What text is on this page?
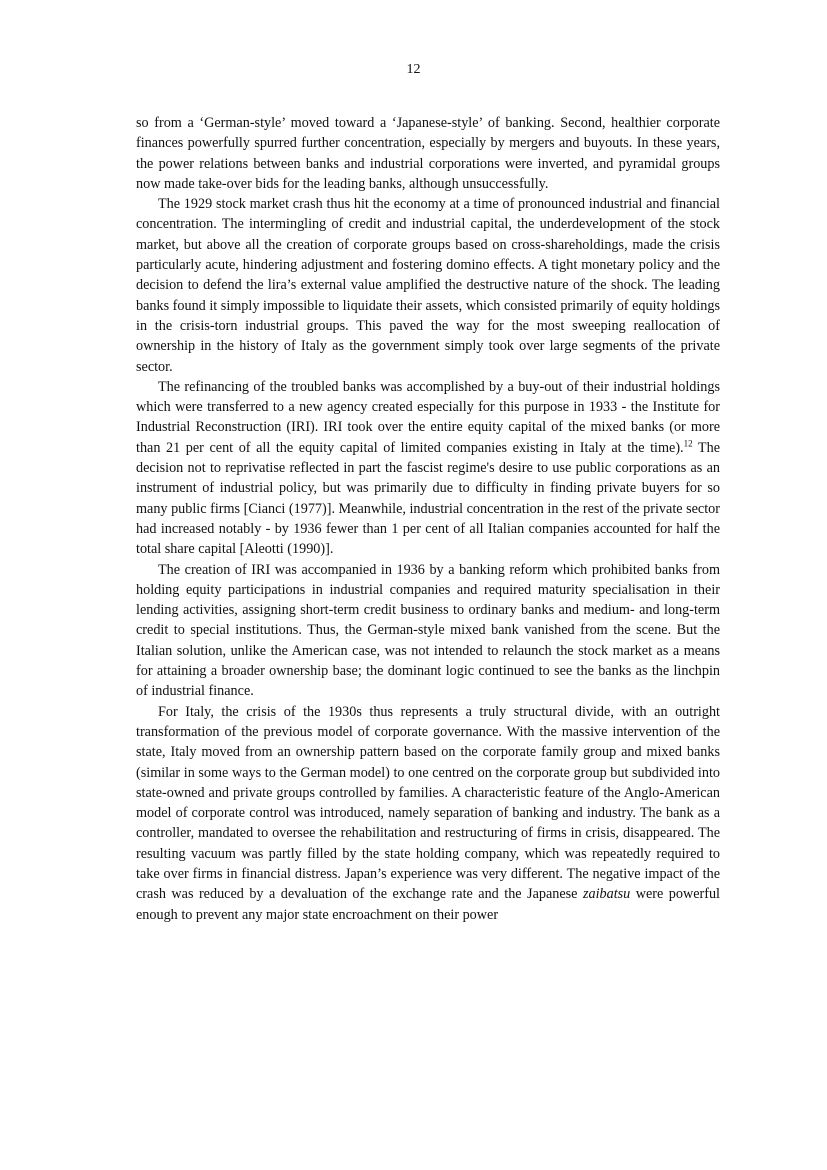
12

so from a ‘German-style’ moved toward a ‘Japanese-style’ of banking. Second, healthier corporate finances powerfully spurred further concentration, especially by mergers and buyouts. In these years, the power relations between banks and industrial corporations were inverted, and pyramidal groups now made take-over bids for the leading banks, although unsuccessfully.

The 1929 stock market crash thus hit the economy at a time of pronounced industrial and financial concentration. The intermingling of credit and industrial capital, the underdevelopment of the stock market, but above all the creation of corporate groups based on cross-shareholdings, made the crisis particularly acute, hindering adjustment and fostering domino effects. A tight monetary policy and the decision to defend the lira’s external value amplified the destructive nature of the shock. The leading banks found it simply impossible to liquidate their assets, which consisted primarily of equity holdings in the crisis-torn industrial groups. This paved the way for the most sweeping reallocation of ownership in the history of Italy as the government simply took over large segments of the private sector.

The refinancing of the troubled banks was accomplished by a buy-out of their industrial holdings which were transferred to a new agency created especially for this purpose in 1933 - the Institute for Industrial Reconstruction (IRI). IRI took over the entire equity capital of the mixed banks (or more than 21 per cent of all the equity capital of limited companies existing in Italy at the time).$^{12}$ The decision not to reprivatise reflected in part the fascist regime's desire to use public corporations as an instrument of industrial policy, but was primarily due to difficulty in finding private buyers for so many public firms [Cianci (1977)]. Meanwhile, industrial concentration in the rest of the private sector had increased notably - by 1936 fewer than 1 per cent of all Italian companies accounted for half the total share capital [Aleotti (1990)].

The creation of IRI was accompanied in 1936 by a banking reform which prohibited banks from holding equity participations in industrial companies and required maturity specialisation in their lending activities, assigning short-term credit business to ordinary banks and medium- and long-term credit to special institutions. Thus, the German-style mixed bank vanished from the scene. But the Italian solution, unlike the American case, was not intended to relaunch the stock market as a means for attaining a broader ownership base; the dominant logic continued to see the banks as the linchpin of industrial finance.

For Italy, the crisis of the 1930s thus represents a truly structural divide, with an outright transformation of the previous model of corporate governance. With the massive intervention of the state, Italy moved from an ownership pattern based on the corporate family group and mixed banks (similar in some ways to the German model) to one centred on the corporate group but subdivided into state-owned and private groups controlled by families. A characteristic feature of the Anglo-American model of corporate control was introduced, namely separation of banking and industry. The bank as a controller, mandated to oversee the rehabilitation and restructuring of firms in crisis, disappeared. The resulting vacuum was partly filled by the state holding company, which was repeatedly required to take over firms in financial distress. Japan’s experience was very different. The negative impact of the crash was reduced by a devaluation of the exchange rate and the Japanese zaibatsu were powerful enough to prevent any major state encroachment on their power
